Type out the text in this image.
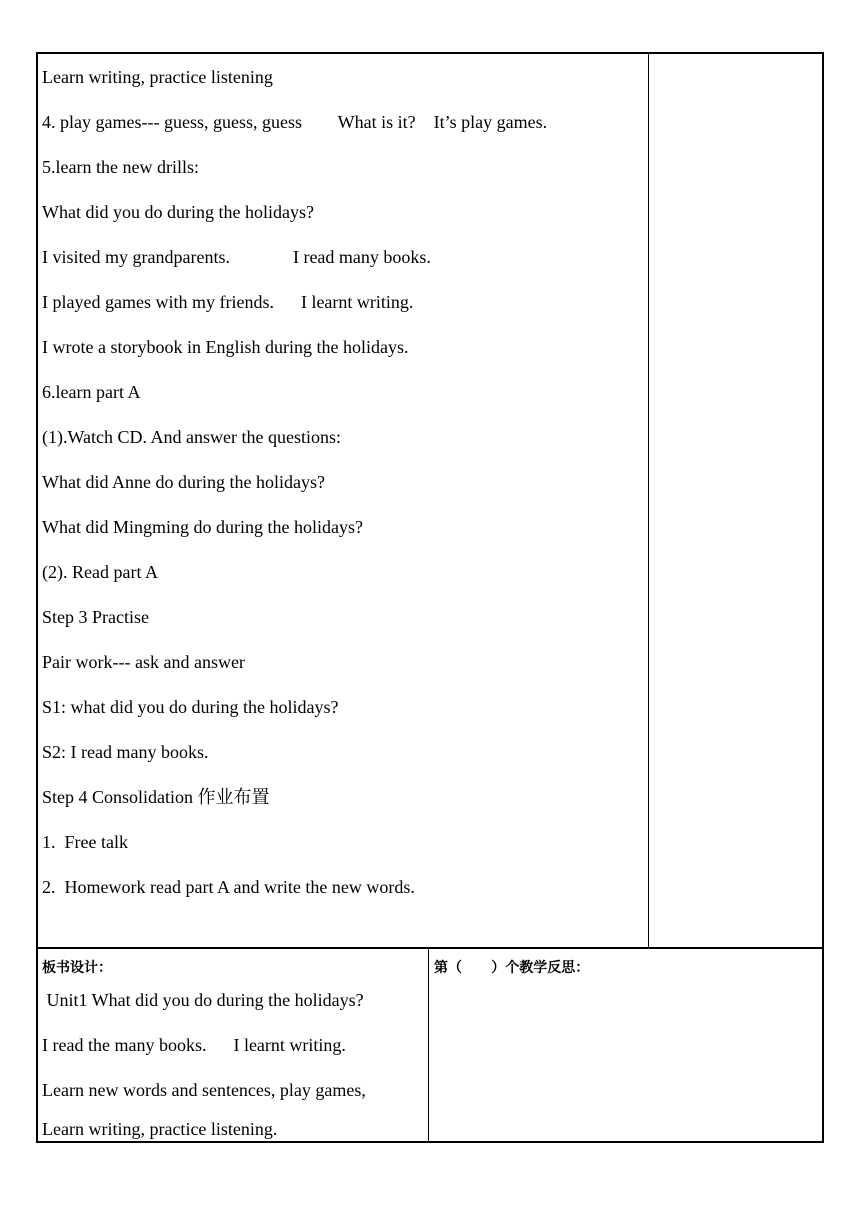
Learn writing, practice listening
4. play games--- guess, guess, guess        What is it?    It’s play games.
5.learn the new drills:
What did you do during the holidays?
I visited my grandparents.              I read many books.
I played games with my friends.      I learnt writing.
I wrote a storybook in English during the holidays.
6.learn part A
(1).Watch CD. And answer the questions:
What did Anne do during the holidays?
What did Mingming do during the holidays?
(2). Read part A
Step 3 Practise
Pair work--- ask and answer
S1: what did you do during the holidays?
S2: I read many books.
Step 4 Consolidation 作业布置
1.  Free talk
2.  Homework read part A and write the new words.
板书设计：
Unit1 What did you do during the holidays?
I read the many books.      I learnt writing.
Learn new words and sentences, play games,
Learn writing, practice listening.
第（      ）个教学反思：
